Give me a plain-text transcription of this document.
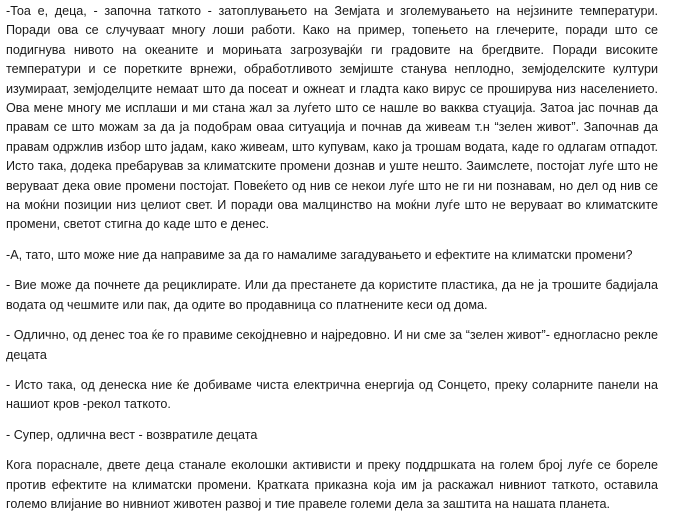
-Тоа е, деца, - започна таткото - затоплувањето на Земјата и зголемувањето на нејзините температури. Поради ова се случуваат многу лоши работи. Како на пример, топењето на глечерите, поради што се подигнува нивото на океаните и морињата загрозувајќи ги градовите на брегдвите. Поради високите температури и се поретките врнежи, обработливото земјиште станува неплодно, земјоделските култури изумираат, земјоделците немаат што да посеат и ожнеат и гладта како вирус се проширува низ населението. Ова мене многу ме исплаши и ми стана жал за луѓето што се нашле во вакква стуација. Затоа јас почнав да правам се што можам за да ја подобрам оваа ситуација и почнав да живеам т.н “зелен живот”. Започнав да правам одржлив избор што јадам, како живеам, што купувам, како ја трошам водата, каде го одлагам отпадот. Исто така, додека пребарував за климатските промени дознав и уште нешто. Заимслете, постојат луѓе што не веруваат дека овие промени постојат. Повеќето од нив се некои луѓе што не ги ни познавам, но дел од нив се на моќни позиции низ целиот свет. И поради ова малцинство на моќни луѓе што не веруваат во климатските промени, светот стигна до каде што е денес.

-А, тато, што може ние да направиме за да го намалиме загадувањето и ефектите на климатски промени?

- Вие може да почнете да рециклирате. Или да престанете да користите пластика, да не ја трошите бадијала водата од чешмите или пак, да одите во продавница со платнените кеси од дома.

- Одлично, од денес тоа ќе го правиме секојдневно и најредовно. И ни сме за “зелен живот”- едногласно рекле децата

- Исто така, од денеска ние ќе добиваме чиста електрична енергија од Сонцето, преку соларните панели на нашиот кров -рекол таткото.

- Супер, одлична вест - возвратиле децата

Кога порасналe, двете деца станале еколошки активисти и преку поддршката на голем број луѓе се бореле против ефектите на климатски промени. Кратката приказна која им ја раскажал нивниот таткото, оставила големо влијание во нивниот животен развој и тие правеле големи дела за заштита на нашата планета.
